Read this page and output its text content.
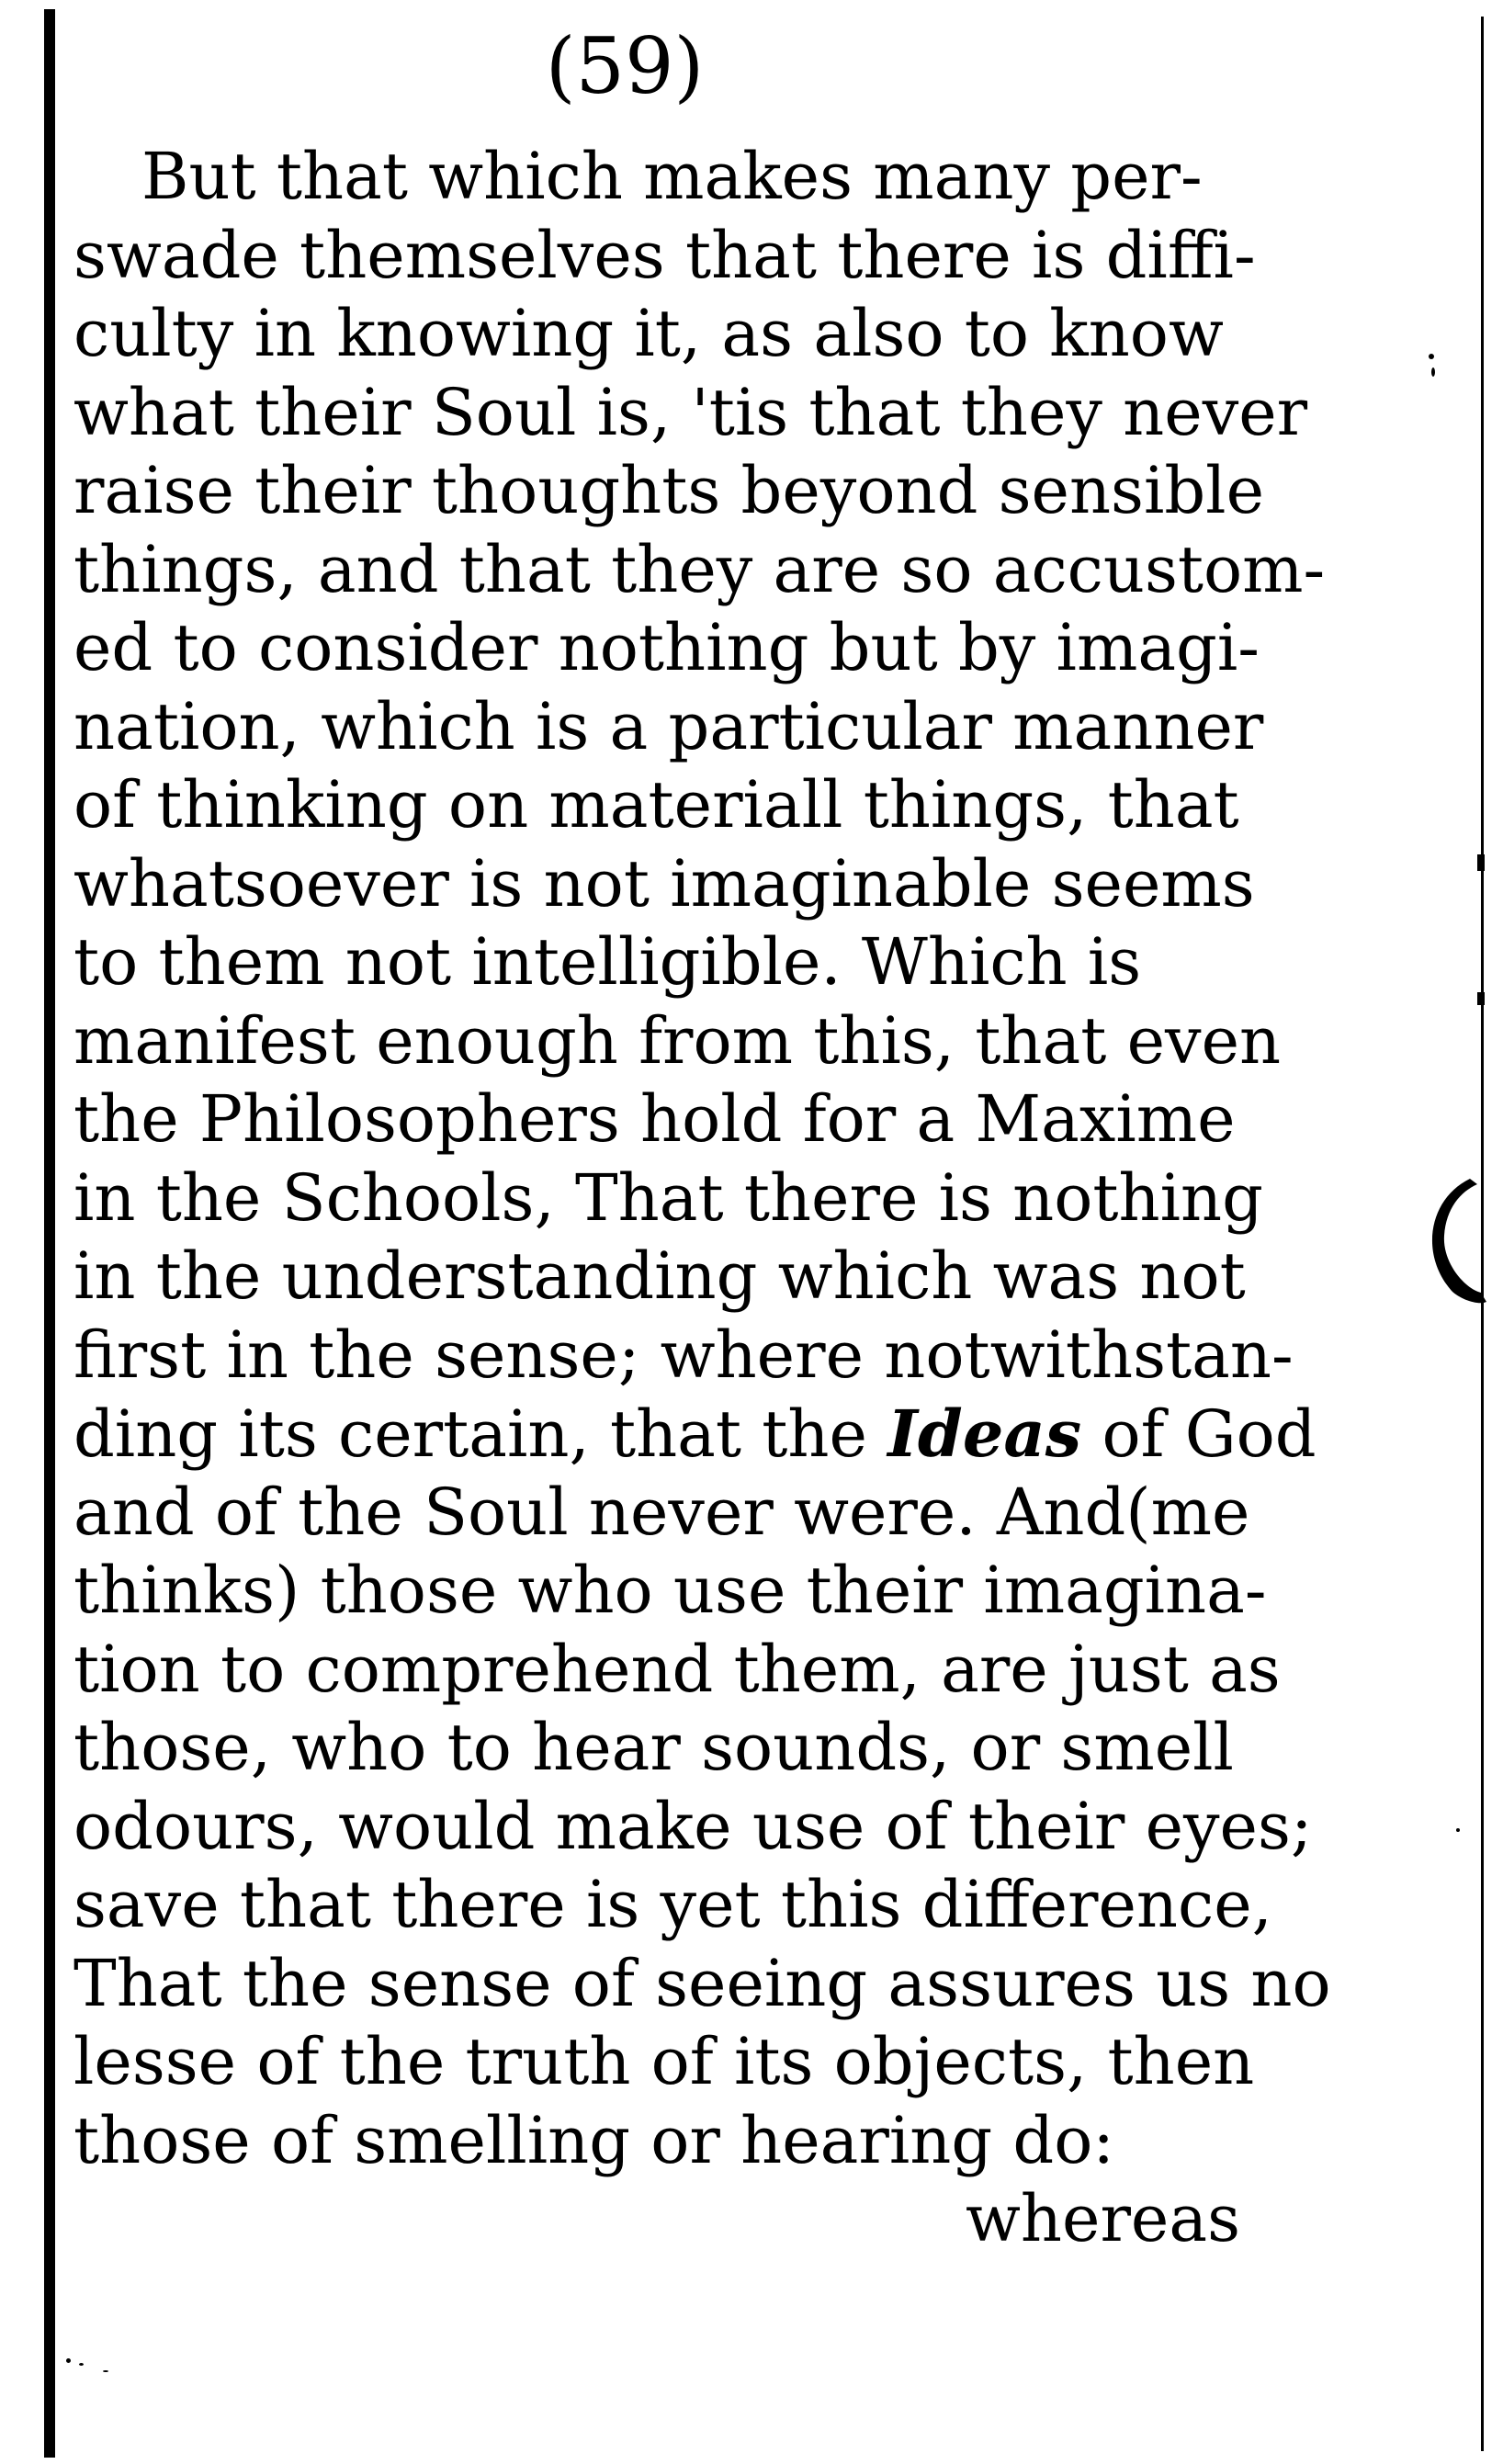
(59)
But that which makes many per-
swade themselves that there is diffi-
culty in knowing it, as also to know
what their Soul is, 'tis that they never
raise their thoughts beyond sensible
things, and that they are so accustom-
ed to consider nothing but by imagi-
nation, which is a particular manner
of thinking on materiall things, that
whatsoever is not imaginable seems
to them not intelligible. Which is
manifest enough from this, that even
the Philosophers hold for a Maxime
in the Schools, That there is nothing
in the understanding which was not
first in the sense; where notwithstan-
ding its certain, that the Ideas of God
and of the Soul never were. And(me
thinks) those who use their imagina-
tion to comprehend them, are just as
those, who to hear sounds, or smell
odours, would make use of their eyes;
save that there is yet this difference,
That the sense of seeing assures us no
lesse of the truth of its objects, then
those of smelling or hearing do:
whereas
